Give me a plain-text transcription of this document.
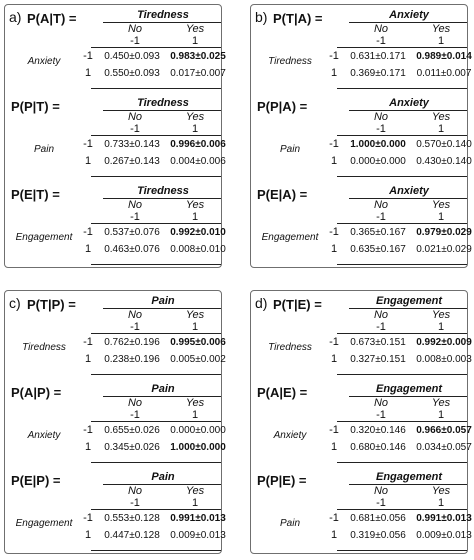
a) P(A|T) =	Tiredness
No	Yes
-1	1
Anxiety	-1	0.450±0.093	0.983±0.025
1	0.550±0.093	0.017±0.007
P(P|T) =	Tiredness
No	Yes
-1	1
Pain	-1	0.733±0.143	0.996±0.006
1	0.267±0.143	0.004±0.006
P(E|T) =	Tiredness
No	Yes
-1	1
Engagement -1	0.537±0.076	0.992±0.010
1	0.463±0.076	0.008±0.010
b) P(T|A) =	Anxiety
No	Yes
-1	1
Tiredness	-1	0.631±0.171	0.989±0.014
1	0.369±0.171	0.011±0.007
P(P|A) =	Anxiety
No	Yes
-1	1
Pain	-1	1.000±0.000	0.570±0.140
1	0.000±0.000	0.430±0.140
P(E|A) =	Anxiety
No	Yes
-1	1
Engagement -1	0.365±0.167	0.979±0.029
1	0.635±0.167	0.021±0.029
c) P(T|P) =	Pain
No	Yes
-1	1
Tiredness	-1	0.762±0.196	0.995±0.006
1	0.238±0.196	0.005±0.002
P(A|P) =	Pain
No	Yes
-1	1
Anxiety	-1	0.655±0.026	0.000±0.000
1	0.345±0.026	1.000±0.000
P(E|P) =	Pain
No	Yes
-1	1
Engagement -1	0.553±0.128	0.991±0.013
1	0.447±0.128	0.009±0.013
d) P(T|E) =	Engagement
No	Yes
-1	1
Tiredness	-1	0.673±0.151	0.992±0.009
1	0.327±0.151	0.008±0.003
P(A|E) =	Engagement
No	Yes
-1	1
Anxiety	-1	0.320±0.146	0.966±0.057
1	0.680±0.146	0.034±0.057
P(P|E) =	Engagement
No	Yes
-1	1
Pain	-1	0.681±0.056	0.991±0.013
1	0.319±0.056	0.009±0.013
